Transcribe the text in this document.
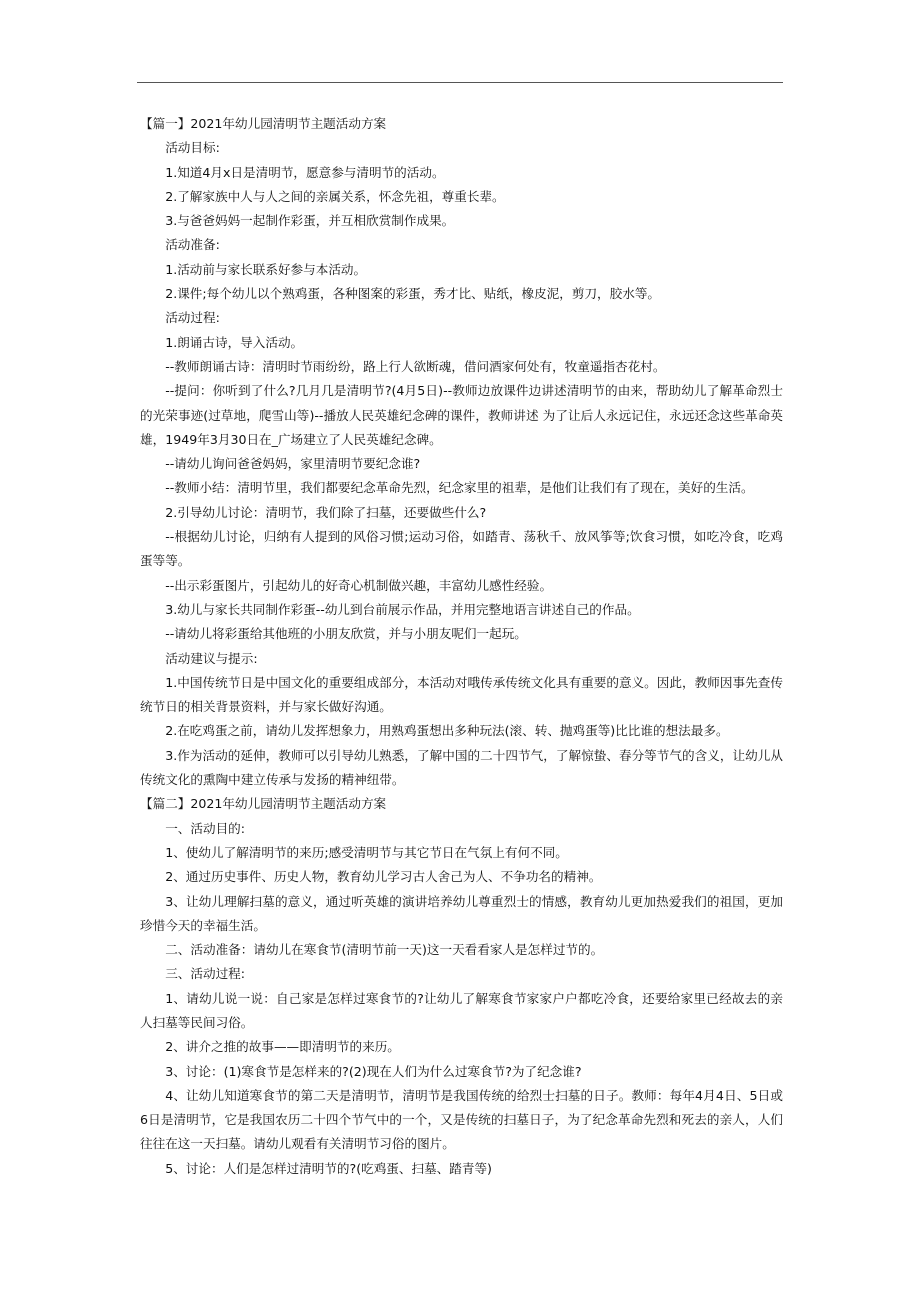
【篇一】2021年幼儿园清明节主题活动方案

活动目标:

1.知道4月x日是清明节，愿意参与清明节的活动。

2.了解家族中人与人之间的亲属关系，怀念先祖，尊重长辈。

3.与爸爸妈妈一起制作彩蛋，并互相欣赏制作成果。

活动准备:

1.活动前与家长联系好参与本活动。

2.课件;每个幼儿以个熟鸡蛋，各种图案的彩蛋，秀才比、贴纸，橡皮泥，剪刀，胶水等。

活动过程:

1.朗诵古诗，导入活动。

--教师朗诵古诗：清明时节雨纷纷，路上行人欲断魂，借问酒家何处有，牧童遥指杏花村。

--提问：你听到了什么?几月几是清明节?(4月5日)--教师边放课件边讲述清明节的由来，帮助幼儿了解革命烈士的光荣事迹(过草地，爬雪山等)--播放人民英雄纪念碑的课件，教师讲述 为了让后人永远记住，永远还念这些革命英雄，1949年3月30日在_广场建立了人民英雄纪念碑。

--请幼儿询问爸爸妈妈，家里清明节要纪念谁?

--教师小结：清明节里，我们都要纪念革命先烈，纪念家里的祖辈，是他们让我们有了现在，美好的生活。

2.引导幼儿讨论：清明节，我们除了扫墓，还要做些什么?

--根据幼儿讨论，归纳有人提到的风俗习惯;运动习俗，如踏青、荡秋千、放风筝等;饮食习惯，如吃冷食，吃鸡蛋等等。

--出示彩蛋图片，引起幼儿的好奇心机制做兴趣，丰富幼儿感性经验。

3.幼儿与家长共同制作彩蛋--幼儿到台前展示作品，并用完整地语言讲述自己的作品。

--请幼儿将彩蛋给其他班的小朋友欣赏，并与小朋友呢们一起玩。

活动建议与提示:

1.中国传统节日是中国文化的重要组成部分，本活动对哦传承传统文化具有重要的意义。因此，教师因事先查传统节日的相关背景资料，并与家长做好沟通。

2.在吃鸡蛋之前，请幼儿发挥想象力，用熟鸡蛋想出多种玩法(滚、转、抛鸡蛋等)比比谁的想法最多。

3.作为活动的延伸，教师可以引导幼儿熟悉，了解中国的二十四节气，了解惊蛰、春分等节气的含义，让幼儿从传统文化的熏陶中建立传承与发扬的精神纽带。

【篇二】2021年幼儿园清明节主题活动方案

一、活动目的:

1、使幼儿了解清明节的来历;感受清明节与其它节日在气氛上有何不同。

2、通过历史事件、历史人物，教育幼儿学习古人舍己为人、不争功名的精神。

3、让幼儿理解扫墓的意义，通过听英雄的演讲培养幼儿尊重烈士的情感，教育幼儿更加热爱我们的祖国，更加珍惜今天的幸福生活。

二、活动准备：请幼儿在寒食节(清明节前一天)这一天看看家人是怎样过节的。

三、活动过程:

1、请幼儿说一说：自己家是怎样过寒食节的?让幼儿了解寒食节家家户户都吃冷食，还要给家里已经故去的亲人扫墓等民间习俗。

2、讲介之推的故事——即清明节的来历。

3、讨论：(1)寒食节是怎样来的?(2)现在人们为什么过寒食节?为了纪念谁?

4、让幼儿知道寒食节的第二天是清明节，清明节是我国传统的给烈士扫墓的日子。教师：每年4月4日、5日或6日是清明节，它是我国农历二十四个节气中的一个，又是传统的扫墓日子，为了纪念革命先烈和死去的亲人，人们往往在这一天扫墓。请幼儿观看有关清明节习俗的图片。

5、讨论：人们是怎样过清明节的?(吃鸡蛋、扫墓、踏青等)
